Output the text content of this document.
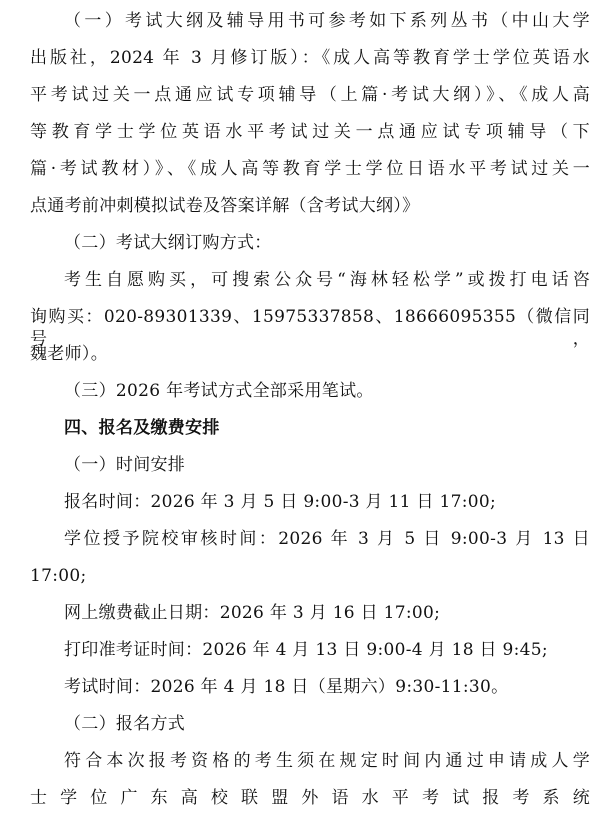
（一）考试大纲及辅导用书可参考如下系列丛书（中山大学
出版社，2024 年 3 月修订版）：《成人高等教育学士学位英语水
平考试过关一点通应试专项辅导（上篇·考试大纲）》、《成人高
等教育学士学位英语水平考试过关一点通应试专项辅导（下
篇·考试教材）》、《成人高等教育学士学位日语水平考试过关一
点通考前冲刺模拟试卷及答案详解（含考试大纲）》
（二）考试大纲订购方式：
考生自愿购买，可搜索公众号“海林轻松学”或拨打电话咨
询购买：020-89301339、15975337858、18666095355（微信同号，
魏老师）。
（三）2026 年考试方式全部采用笔试。
四、报名及缴费安排
（一）时间安排
报名时间：2026 年 3 月 5 日 9:00-3 月 11 日 17:00;
学位授予院校审核时间：2026 年 3 月 5 日 9:00-3 月 13 日
17:00;
网上缴费截止日期：2026 年 3 月 16 日 17:00;
打印准考证时间：2026 年 4 月 13 日 9:00-4 月 18 日 9:45;
考试时间：2026 年 4 月 18 日（星期六）9:30-11:30。
（二）报名方式
符合本次报考资格的考生须在规定时间内通过申请成人学
士学位广东高校联盟外语水平考试报考系统
